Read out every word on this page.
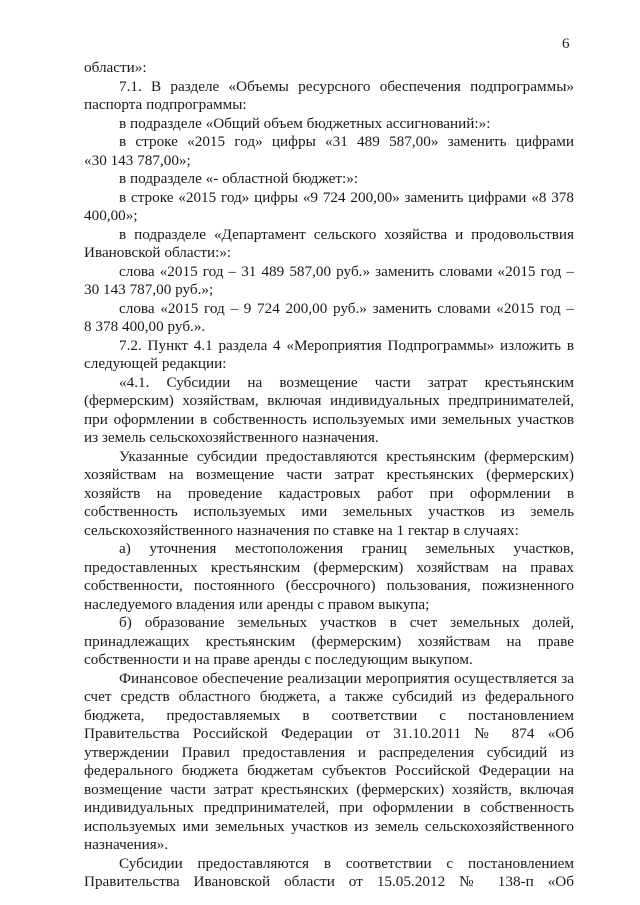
6
области»:
7.1. В разделе «Объемы ресурсного обеспечения подпрограммы»
паспорта подпрограммы:
в подразделе «Общий объем бюджетных ассигнований:»:
в строке «2015 год» цифры «31 489 587,00» заменить цифрами
«30 143 787,00»;
в подразделе «- областной бюджет:»:
в строке «2015 год» цифры «9 724 200,00» заменить цифрами «8 378
400,00»;
в подразделе «Департамент сельского хозяйства и продовольствия
Ивановской области:»:
слова «2015 год – 31 489 587,00 руб.» заменить словами «2015 год –
30 143 787,00 руб.»;
слова «2015 год – 9 724 200,00 руб.» заменить словами «2015 год –
8 378 400,00 руб.».
7.2. Пункт 4.1 раздела 4 «Мероприятия Подпрограммы» изложить в
следующей редакции:
«4.1. Субсидии на возмещение части затрат крестьянским
(фермерским) хозяйствам, включая индивидуальных предпринимателей,
при оформлении в собственность используемых ими земельных участков
из земель сельскохозяйственного назначения.
Указанные субсидии предоставляются крестьянским (фермерским)
хозяйствам на возмещение части затрат крестьянских (фермерских)
хозяйств на проведение кадастровых работ при оформлении в
собственность используемых ими земельных участков из земель
сельскохозяйственного назначения по ставке на 1 гектар в случаях:
а) уточнения местоположения границ земельных участков,
предоставленных крестьянским (фермерским) хозяйствам на правах
собственности, постоянного (бессрочного) пользования, пожизненного
наследуемого владения или аренды с правом выкупа;
б) образование земельных участков в счет земельных долей,
принадлежащих крестьянским (фермерским) хозяйствам на праве
собственности и на праве аренды с последующим выкупом.
Финансовое обеспечение реализации мероприятия осуществляется за
счет средств областного бюджета, а также субсидий из федерального
бюджета, предоставляемых в соответствии с постановлением
Правительства Российской Федерации от 31.10.2011 № 874 «Об
утверждении Правил предоставления и распределения субсидий из
федерального бюджета бюджетам субъектов Российской Федерации на
возмещение части затрат крестьянских (фермерских) хозяйств, включая
индивидуальных предпринимателей, при оформлении в собственность
используемых ими земельных участков из земель сельскохозяйственного
назначения».
Субсидии предоставляются в соответствии с постановлением
Правительства Ивановской области от 15.05.2012 № 138-п «Об
